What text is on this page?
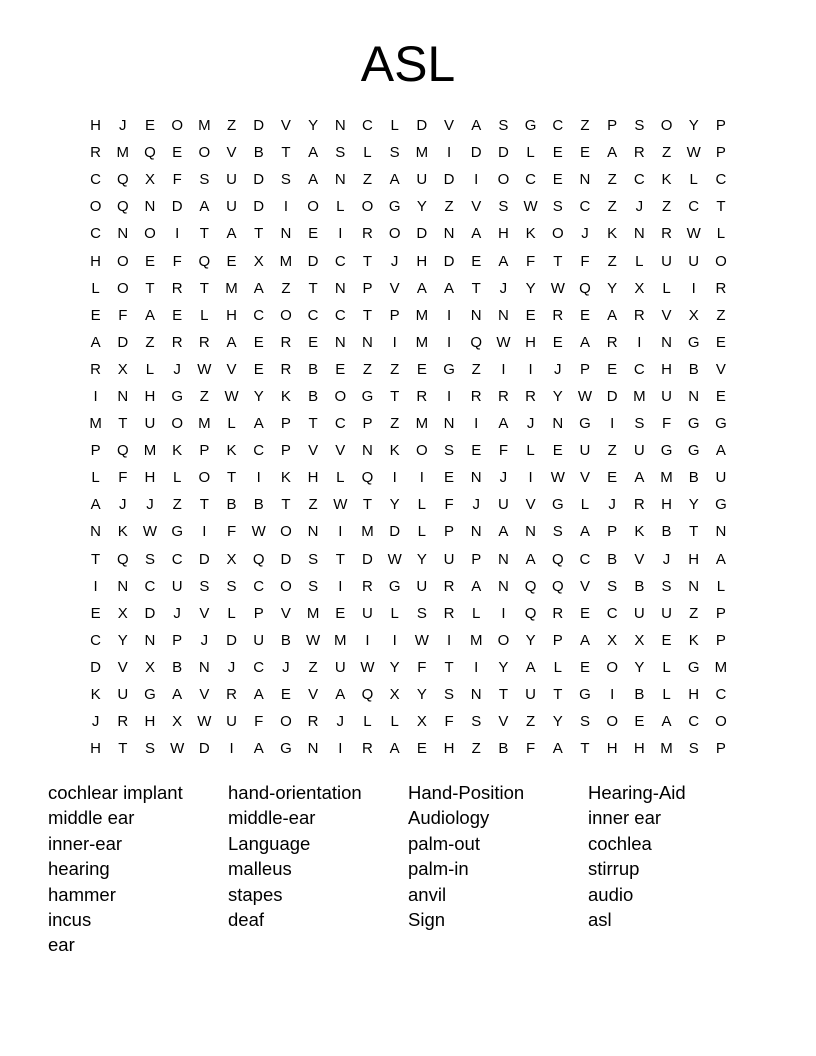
ASL
H	J	E	O	M	Z	D	V	Y	N	C	L	D	V	A	S	G	C	Z	P	S	O	Y	P
R	M	Q	E	O	V	B	T	A	S	L	S	M	I	D	D	L	E	E	A	R	Z	W	P
C	Q	X	F	S	U	D	S	A	N	Z	A	U	D	I	O	C	E	N	Z	C	K	L	C
O	Q	N	D	A	U	D	I	O	L	O	G	Y	Z	V	S	W	S	C	Z	J	Z	C	T
C	N	O	I	T	A	T	N	E	I	R	O	D	N	A	H	K	O	J	K	N	R W	L
H	O	E	F	Q	E	X	M	D	C	T	J	H	D	E	A	F	T	F	Z	L	U	U	O
L	O	T	R	T	M	A	Z	T	N	P	V	A	A	T	J	Y	W Q	Y	X	L	I	R
E	F	A	E	L	H	C	O	C	C	T	P	M	I	N	N	E	R	E	A	R	V	X	Z
A	D	Z	R	R	A	E	R	E	N	N	I	M	I	Q W H	E	A	R	I	N	G	E
R	X	L	J	W	V	E	R	B	E	Z	Z	E	G	Z	I	I	J	P	E	C	H	B	V
I	N	H	G	Z	W	Y	K	B	O	G	T	R	I	R	R	R	Y	W D	M	U	N	E
M	T	U	O	M	L	A	P	T	C	P	Z	M	N	I	A	J	N	G	I	S	F	G	G
P	Q	M	K	P	K	C	P	V	V	N	K	O	S	E	F	L	E	U	Z	U	G	G	A
L	F	H	L	O	T	I	K	H	L	Q	I	I	E	N	J	I	W	V	E	A	M	B	U
A	J	J	Z	T	B	B	T	Z	W	T	Y	L	F	J	U	V	G	L	J	R	H	Y	G
N	K	W G	I	F	W O	N	I	M	D	L	P	N	A	N	S	A	P	K	B	T	N
T	Q	S	C	D	X	Q	D	S	T	D W	Y	U	P	N	A	Q	C	B	V	J	H	A
I	N	C	U	S	S	C	O	S	I	R	G	U	R	A	N	Q	Q	V	S	B	S	N	L
E	X	D	J	V	L	P	V	M	E	U	L	S	R	L	I	Q	R	E	C	U	U	Z	P
C	Y	N	P	J	D	U	B	W M	I	I	W	I	M	O	Y	P	A	X	X	E	K	P
D	V	X	B	N	J	C	J	Z	U W	Y	F	T	I	Y	A	L	E	O	Y	L	G	M
K	U	G	A	V	R	A	E	V	A	Q	X	Y	S	N	T	U	T	G	I	B	L	H	C
J	R	H	X	W U	F	O	R	J	L	L	X	F	S	V	Z	Y	S	O	E	A	C	O
H	T	S	W D	I	A	G	N	I	R	A	E	H	Z	B	F	A	T	H	H	M	S	P
cochlear implant	hand-orientation	Hand-Position	Hearing-Aid
middle ear	middle-ear	Audiology	inner ear
inner-ear	Language	palm-out	cochlea
hearing	malleus	palm-in	stirrup
hammer	stapes	anvil	audio
incus	deaf	Sign	asl
ear
